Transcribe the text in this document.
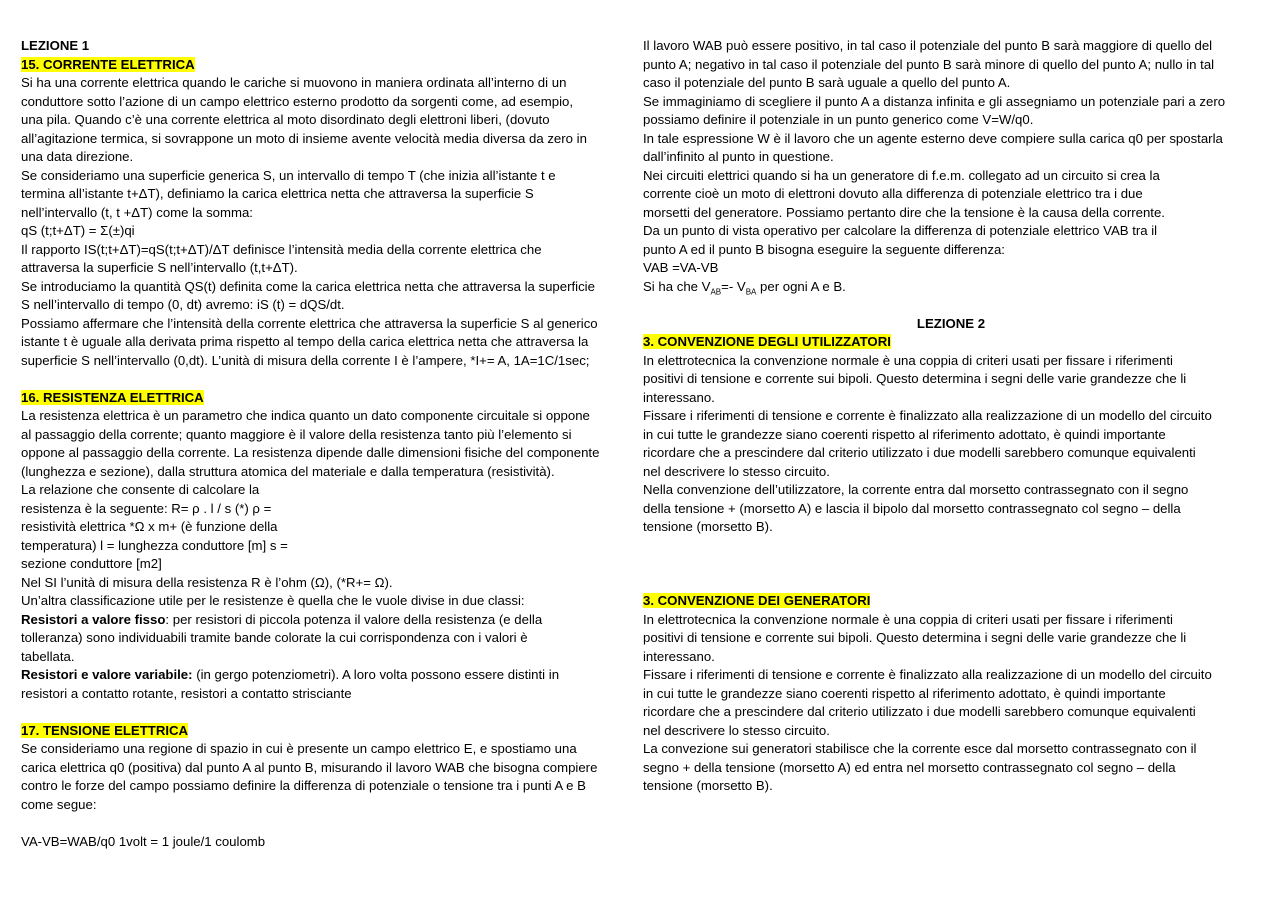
LEZIONE 1

15. CORRENTE ELETTRICA

Si ha una corrente elettrica quando le cariche si muovono in maniera ordinata all’interno di un

conduttore sotto l’azione di un campo elettrico esterno prodotto da sorgenti come, ad esempio,

una pila. Quando c’è una corrente elettrica al moto disordinato degli elettroni liberi, (dovuto

all’agitazione termica, si sovrappone un moto di insieme avente velocità media diversa da zero in

una data direzione.

Se consideriamo una superficie generica S, un intervallo di tempo T (che inizia all’istante t e

termina all’istante t+ΔT), definiamo la carica elettrica netta che attraversa la superficie S

nell’intervallo (t, t +ΔT) come la somma:

qS (t;t+ΔT) = Σ(±)qi

Il rapporto IS(t;t+ΔT)=qS(t;t+ΔT)/ΔT definisce l’intensità media della corrente elettrica che

attraversa la superficie S nell’intervallo (t,t+ΔT).

Se introduciamo la quantità QS(t) definita come la carica elettrica netta che attraversa la superficie

S nell’intervallo di tempo (0, dt) avremo: iS (t) = dQS/dt.

Possiamo affermare che l’intensità della corrente elettrica che attraversa la superficie S al generico

istante t è uguale alla derivata prima rispetto al tempo della carica elettrica netta che attraversa la

superficie S nell’intervallo (0,dt). L’unità di misura della corrente I è l’ampere, *I+= A, 1A=1C/1sec;

16. RESISTENZA ELETTRICA

La resistenza elettrica è un parametro che indica quanto un dato componente circuitale si oppone

al passaggio della corrente; quanto maggiore è il valore della resistenza tanto più l’elemento si

oppone al passaggio della corrente. La resistenza dipende dalle dimensioni fisiche del componente

(lunghezza e sezione), dalla struttura atomica del materiale e dalla temperatura (resistività).

La relazione che consente di calcolare la

resistenza è la seguente: R= ρ . l / s (*) ρ =

resistività elettrica *Ω x m+ (è funzione della

temperatura) l = lunghezza conduttore [m] s =

sezione conduttore [m2]

Nel SI l’unità di misura della resistenza R è l’ohm (Ω), (*R+= Ω).

Un’altra classificazione utile per le resistenze è quella che le vuole divise in due classi:

Resistori a valore fisso: per resistori di piccola potenza il valore della resistenza (e della

tolleranza) sono individuabili tramite bande colorate la cui corrispondenza con i valori è

tabellata.

Resistori e valore variabile: (in gergo potenziometri). A loro volta possono essere distinti in

resistori a contatto rotante, resistori a contatto strisciante

17. TENSIONE ELETTRICA

Se consideriamo una regione di spazio in cui è presente un campo elettrico E, e spostiamo una

carica elettrica q0 (positiva) dal punto A al punto B, misurando il lavoro WAB che bisogna compiere

contro le forze del campo possiamo definire la differenza di potenziale o tensione tra i punti A e B

come segue:

VA-VB=WAB/q0 1volt = 1 joule/1 coulomb

Il lavoro WAB può essere positivo, in tal caso il potenziale del punto B sarà maggiore di quello del

punto A; negativo in tal caso il potenziale del punto B sarà minore di quello del punto A; nullo in tal

caso il potenziale del punto B sarà uguale a quello del punto A.

Se immaginiamo di scegliere il punto A a distanza infinita e gli assegniamo un potenziale pari a zero

possiamo definire il potenziale in un punto generico come V=W/q0.

In tale espressione W è il lavoro che un agente esterno deve compiere sulla carica q0 per spostarla

dall’infinito al punto in questione.

Nei circuiti elettrici quando si ha un generatore di f.e.m. collegato ad un circuito si crea la

corrente cioè un moto di elettroni dovuto alla differenza di potenziale elettrico tra i due

morsetti del generatore. Possiamo pertanto dire che la tensione è la causa della corrente.

Da un punto di vista operativo per calcolare la differenza di potenziale elettrico VAB tra il

punto A ed il punto B bisogna eseguire la seguente differenza:

VAB =VA-VB

Si ha che $V_{AB}=-$ $V_{BA}$ per ogni A e B.

LEZIONE 2

3. CONVENZIONE DEGLI UTILIZZATORI

In elettrotecnica la convenzione normale è una coppia di criteri usati per fissare i riferimenti

positivi di tensione e corrente sui bipoli. Questo determina i segni delle varie grandezze che li

interessano.

Fissare i riferimenti di tensione e corrente è finalizzato alla realizzazione di un modello del circuito

in cui tutte le grandezze siano coerenti rispetto al riferimento adottato, è quindi importante

ricordare che a prescindere dal criterio utilizzato i due modelli sarebbero comunque equivalenti

nel descrivere lo stesso circuito.

Nella convenzione dell’utilizzatore, la corrente entra dal morsetto contrassegnato con il segno

della tensione + (morsetto A) e lascia il bipolo dal morsetto contrassegnato col segno – della

tensione (morsetto B).

3. CONVENZIONE DEI GENERATORI

In elettrotecnica la convenzione normale è una coppia di criteri usati per fissare i riferimenti

positivi di tensione e corrente sui bipoli. Questo determina i segni delle varie grandezze che li

interessano.

Fissare i riferimenti di tensione e corrente è finalizzato alla realizzazione di un modello del circuito

in cui tutte le grandezze siano coerenti rispetto al riferimento adottato, è quindi importante

ricordare che a prescindere dal criterio utilizzato i due modelli sarebbero comunque equivalenti

nel descrivere lo stesso circuito.

La convezione sui generatori stabilisce che la corrente esce dal morsetto contrassegnato con il

segno + della tensione (morsetto A) ed entra nel morsetto contrassegnato col segno – della

tensione (morsetto B).
